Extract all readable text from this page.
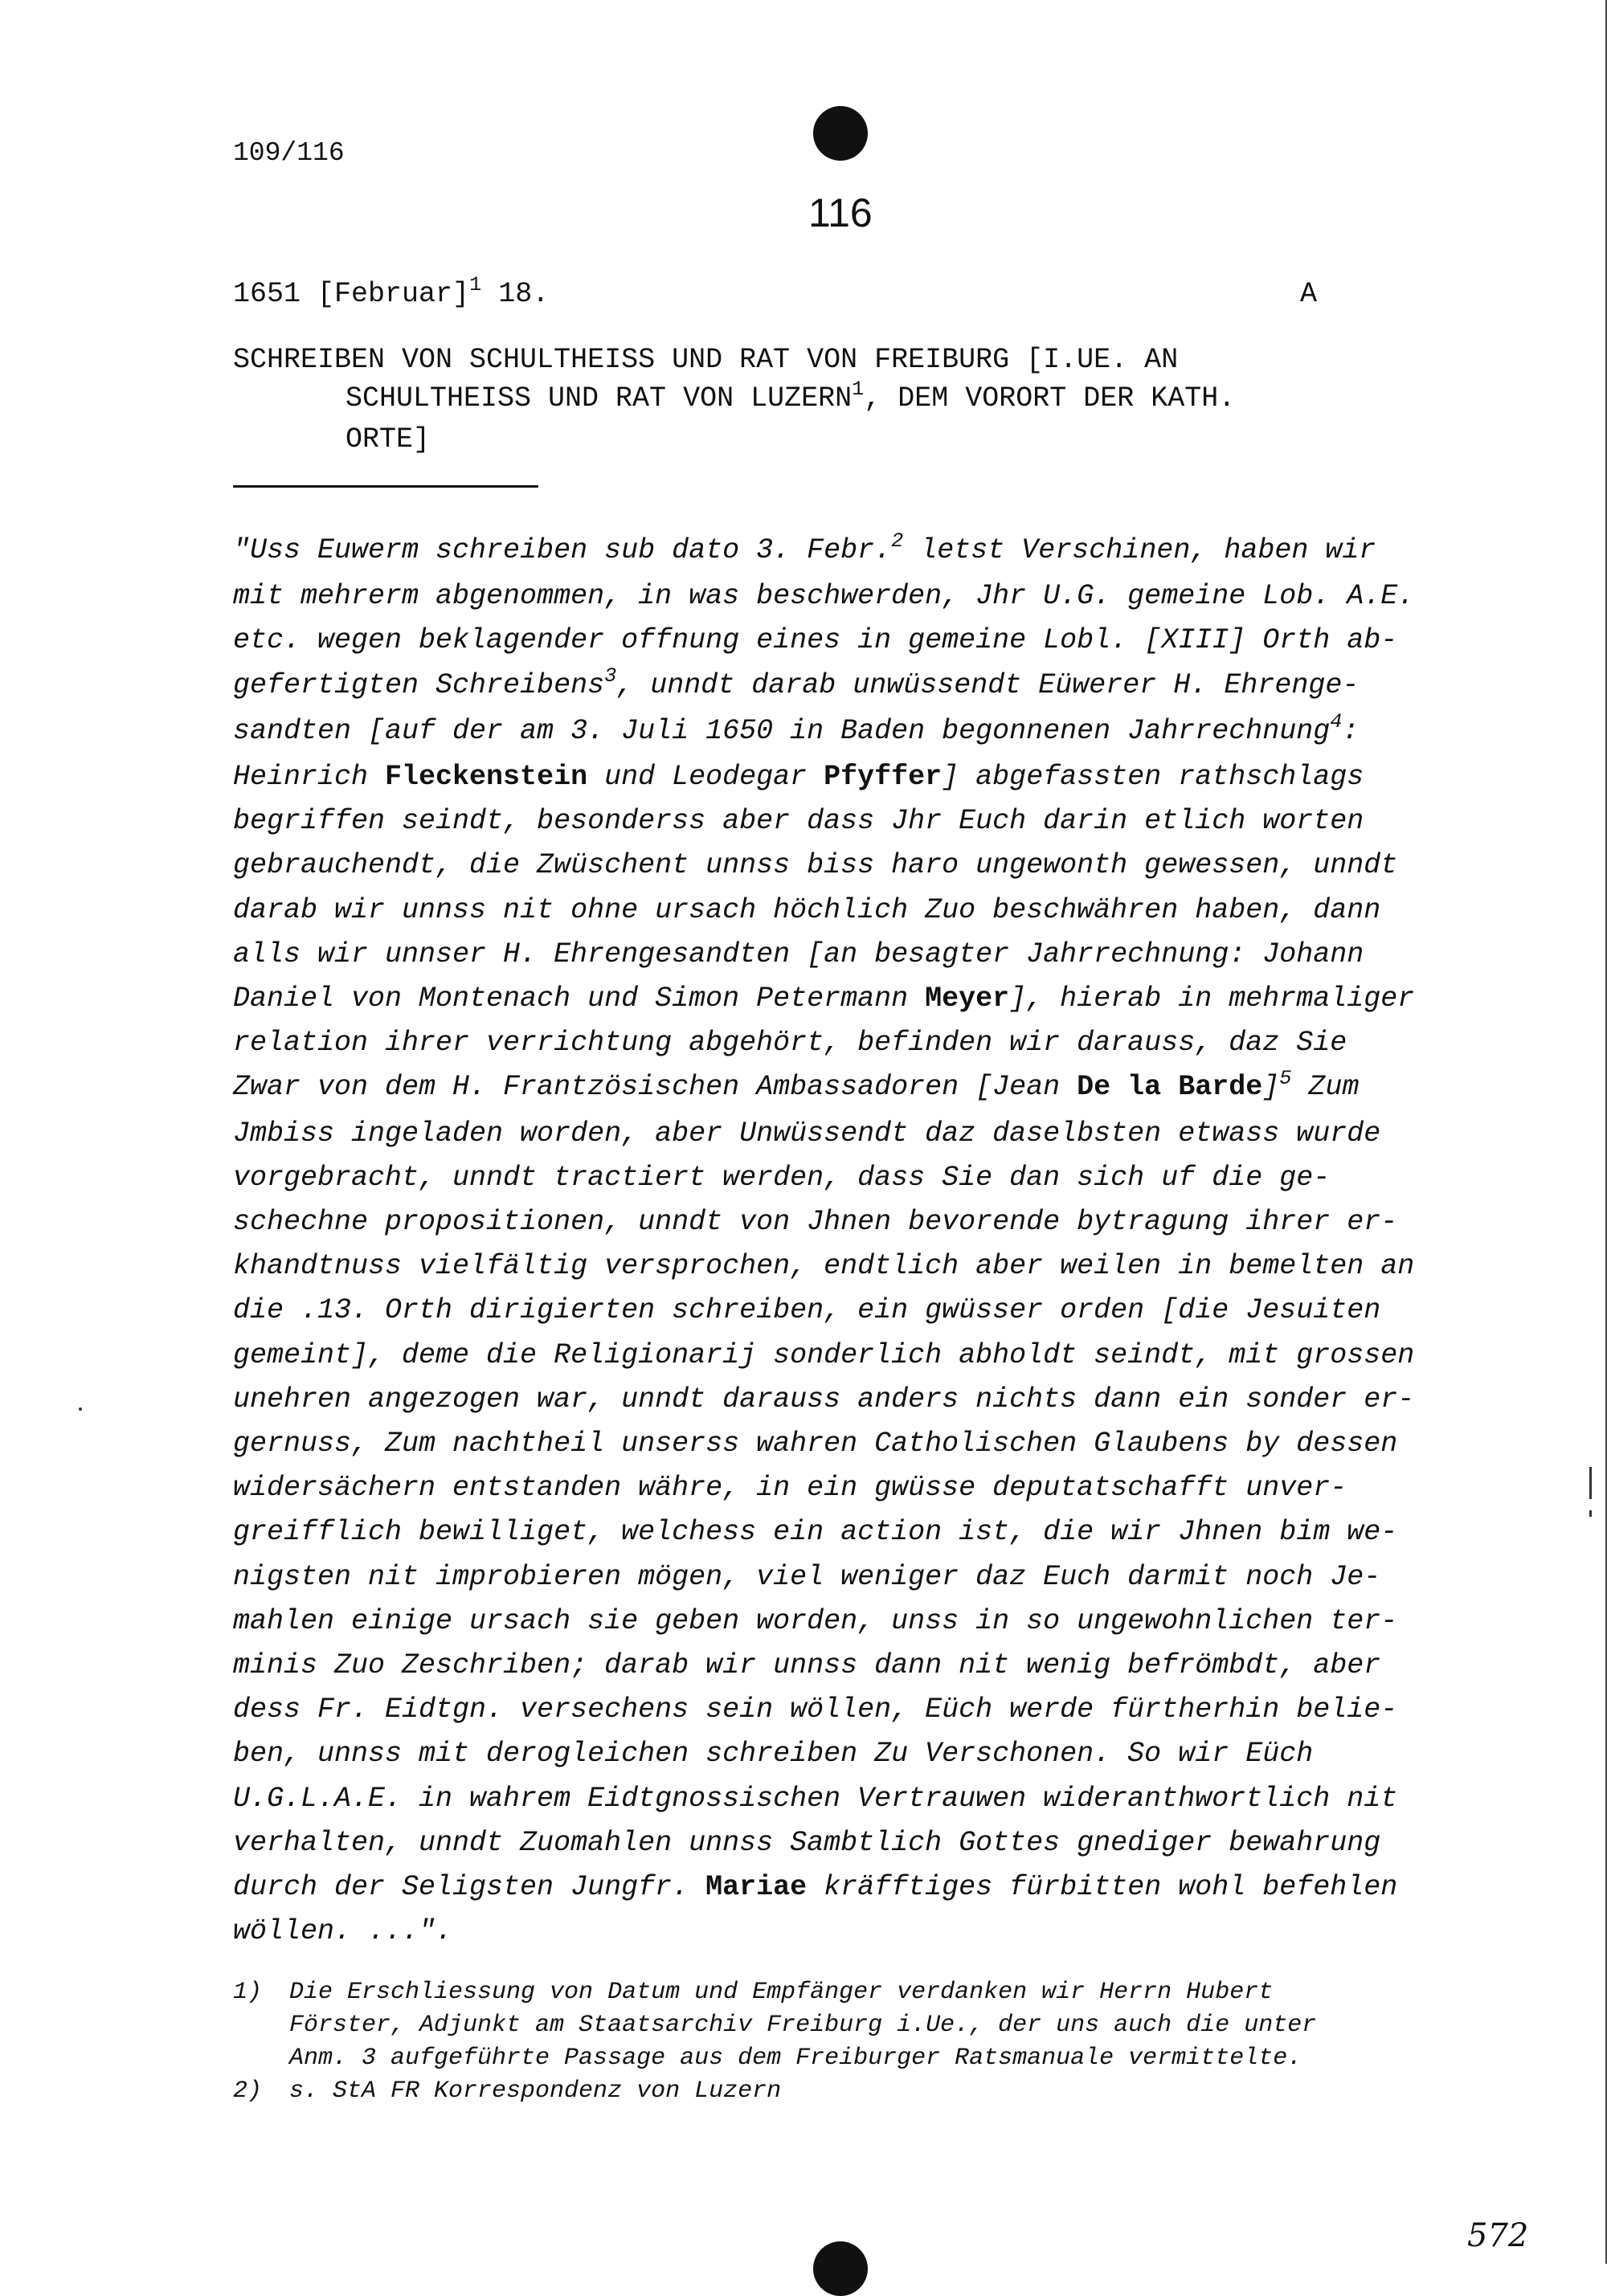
109/116
116
1651 [Februar]$^1$ 18.	A
SCHREIBEN VON SCHULTHEISS UND RAT VON FREIBURG [I.UE. AN
SCHULTHEISS UND RAT VON LUZERN$^1$, DEM VORORT DER KATH.
ORTE]
"Uss Euwerm schreiben sub dato 3. Febr.$^2$ letst Verschinen, haben wir
mit mehrerm abgenommen, in was beschwerden, Jhr U.G. gemeine Lob. A.E.
etc. wegen beklagender offnung eines in gemeine Lobl. [XIII] Orth ab-
gefertigten Schreibens$^3$, unndt darab unwüssendt Eüwerer H. Ehrenge-
sandten [auf der am 3. Juli 1650 in Baden begonnenen Jahrrechnung$^4$:
Heinrich Fleckenstein und Leodegar Pfyffer] abgefassten rathschlags
begriffen seindt, besonderss aber dass Jhr Euch darin etlich worten
gebrauchendt, die Zwüschent unnss biss haro ungewonth gewessen, unndt
darab wir unnss nit ohne ursach höchlich Zuo beschwähren haben, dann
alls wir unnser H. Ehrengesandten [an besagter Jahrrechnung: Johann
Daniel von Montenach und Simon Petermann Meyer], hierab in mehrmaliger
relation ihrer verrichtung abgehört, befinden wir darauss, daz Sie
Zwar von dem H. Frantzösischen Ambassadoren [Jean De la Barde]$^5$ Zum
Jmbiss ingeladen worden, aber Unwüssendt daz daselbsten etwass wurde
vorgebracht, unndt tractiert werden, dass Sie dan sich uf die ge-
schechne propositionen, unndt von Jhnen bevorende bytragung ihrer er-
khandtnuss vielfältig versprochen, endtlich aber weilen in bemelten an
die .13. Orth dirigierten schreiben, ein gwüsser orden [die Jesuiten
gemeint], deme die Religionarij sonderlich abholdt seindt, mit grossen
unehren angezogen war, unndt darauss anders nichts dann ein sonder er-
gernuss, Zum nachtheil unserss wahren Catholischen Glaubens by dessen
widersächern entstanden währe, in ein gwüsse deputatschafft unver-
greifflich bewilliget, welchess ein action ist, die wir Jhnen bim we-
nigsten nit improbieren mögen, viel weniger daz Euch darmit noch Je-
mahlen einige ursach sie geben worden, unss in so ungewohnlichen ter-
minis Zuo Zeschriben; darab wir unnss dann nit wenig befrömbdt, aber
dess Fr. Eidtgn. versechens sein wöllen, Eüch werde fürtherhin belie-
ben, unnss mit derogleichen schreiben Zu Verschonen. So wir Eüch
U.G.L.A.E. in wahrem Eidtgnossischen Vertrauwen wideranthwortlich nit
verhalten, unndt Zuomahlen unnss Sambtlich Gottes gnediger bewahrung
durch der Seligsten Jungfr. Mariae kräfftiges fürbitten wohl befehlen
wöllen. ...".
1)	Die Erschliessung von Datum und Empfänger verdanken wir Herrn Hubert
Förster, Adjunkt am Staatsarchiv Freiburg i.Ue., der uns auch die unter
Anm. 3 aufgeführte Passage aus dem Freiburger Ratsmanuale vermittelte.
2)	s. StA FR Korrespondenz von Luzern
572
